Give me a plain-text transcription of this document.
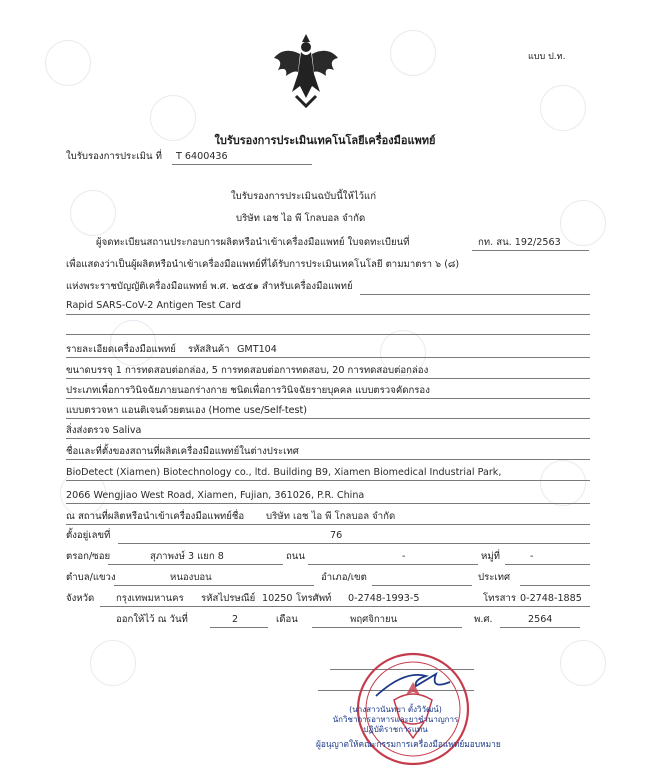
แบบ ป.ท.
ใบรับรองการประเมินเทคโนโลยีเครื่องมือแพทย์
ใบรับรองการประเมิน ที่ T 6400436
ใบรับรองการประเมินฉบับนี้ให้ไว้แก่
บริษัท เอช ไอ พี โกลบอล จำกัด
ผู้จดทะเบียนสถานประกอบการผลิตหรือนำเข้าเครื่องมือแพทย์ ใบจดทะเบียนที่	กท. สน. 192/2563
เพื่อแสดงว่าเป็นผู้ผลิตหรือนำเข้าเครื่องมือแพทย์ที่ได้รับการประเมินเทคโนโลยี ตามมาตรา ๖ (๘)
แห่งพระราชบัญญัติเครื่องมือแพทย์ พ.ศ. ๒๕๕๑ สำหรับเครื่องมือแพทย์
Rapid SARS-CoV-2 Antigen Test Card
รายละเอียดเครื่องมือแพทย์ รหัสสินค้า GMT104
ขนาดบรรจุ 1 การทดสอบต่อกล่อง, 5 การทดสอบต่อการทดสอบ, 20 การทดสอบต่อกล่อง
ประเภทเพื่อการวินิจฉัยภายนอกร่างกาย ชนิดเพื่อการวินิจฉัยรายบุคคล แบบตรวจคัดกรอง
แบบตรวจหา แอนติเจนด้วยตนเอง (Home use/Self-test)
สิ่งส่งตรวจ Saliva
ชื่อและที่ตั้งของสถานที่ผลิตเครื่องมือแพทย์ในต่างประเทศ
BioDetect (Xiamen) Biotechnology co., ltd. Building B9, Xiamen Biomedical Industrial Park,
2066 Wengjiao West Road, Xiamen, Fujian, 361026, P.R. China
ณ สถานที่ผลิตหรือนำเข้าเครื่องมือแพทย์ชื่อ บริษัท เอช ไอ พี โกลบอล จำกัด
ตั้งอยู่เลขที่	76
ตรอก/ซอย	สุภาพงษ์ 3 แยก 8	ถนน	-	หมู่ที่	-
ตำบล/แขวง	หนองบอน	อำเภอ/เขต	ประเทศ
จังหวัด กรุงเทพมหานคร รหัสไปรษณีย์ 10250 โทรศัพท์ 0-2748-1993-5	โทรสาร 0-2748-1885
ออกให้ไว้ ณ วันที่	2	เดือน	พฤศจิกายน	พ.ศ.	2564
(นางสาวนันทยา ตั้งวิวัฒน์)
นักวิชาการอาหารและยาชำนาญการ
ปฏิบัติราชการแทน
ผู้อนุญาตให้คณะกรรมการเครื่องมือแพทย์มอบหมาย
